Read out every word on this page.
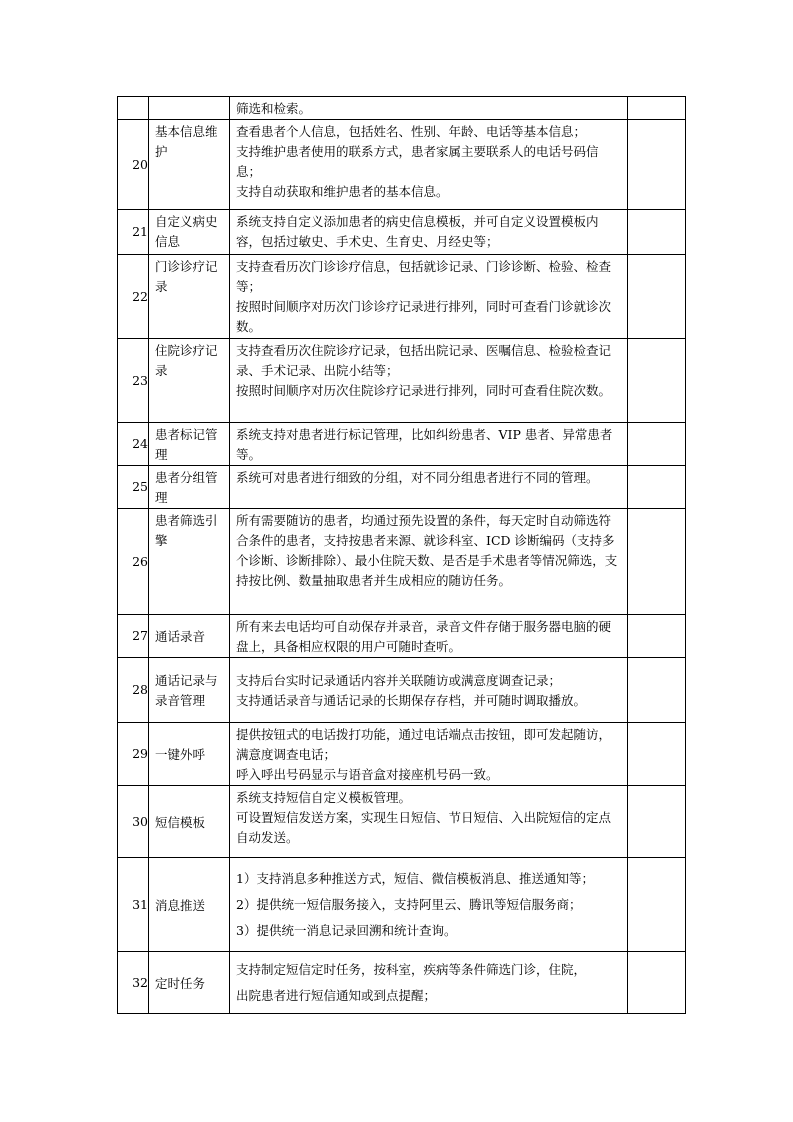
		筛选和检索。	

20	基本信息维护	查看患者个人信息，包括姓名、性别、年龄、电话等基本信息；
支持维护患者使用的联系方式，患者家属主要联系人的电话号码信息；
支持自动获取和维护患者的基本信息。	

21	自定义病史信息	系统支持自定义添加患者的病史信息模板，并可自定义设置模板内容，包括过敏史、手术史、生育史、月经史等；	

22	门诊诊疗记录	支持查看历次门诊诊疗信息，包括就诊记录、门诊诊断、检验、检查等；
按照时间顺序对历次门诊诊疗记录进行排列，同时可查看门诊就诊次数。	

23	住院诊疗记录	支持查看历次住院诊疗记录，包括出院记录、医嘱信息、检验检查记录、手术记录、出院小结等；
按照时间顺序对历次住院诊疗记录进行排列，同时可查看住院次数。	

24	患者标记管理	系统支持对患者进行标记管理，比如纠纷患者、VIP 患者、异常患者等。	

25	患者分组管理	系统可对患者进行细致的分组，对不同分组患者进行不同的管理。	

26	患者筛选引擎	所有需要随访的患者，均通过预先设置的条件，每天定时自动筛选符合条件的患者，支持按患者来源、就诊科室、ICD 诊断编码（支持多个诊断、诊断排除）、最小住院天数、是否是手术患者等情况筛选，支持按比例、数量抽取患者并生成相应的随访任务。	

27	通话录音	所有来去电话均可自动保存并录音，录音文件存储于服务器电脑的硬盘上，具备相应权限的用户可随时查听。	

28	通话记录与录音管理	支持后台实时记录通话内容并关联随访或满意度调查记录；
支持通话录音与通话记录的长期保存存档，并可随时调取播放。	

29	一键外呼	提供按钮式的电话拨打功能，通过电话端点击按钮，即可发起随访，满意度调查电话；
呼入呼出号码显示与语音盒对接座机号码一致。	

30	短信模板	系统支持短信自定义模板管理。
可设置短信发送方案，实现生日短信、节日短信、入出院短信的定点自动发送。	

31	消息推送	1）支持消息多种推送方式，短信、微信模板消息、推送通知等；
2）提供统一短信服务接入，支持阿里云、腾讯等短信服务商；
3）提供统一消息记录回溯和统计查询。	

32	定时任务	支持制定短信定时任务，按科室，疾病等条件筛选门诊，住院，
出院患者进行短信通知或到点提醒；	
